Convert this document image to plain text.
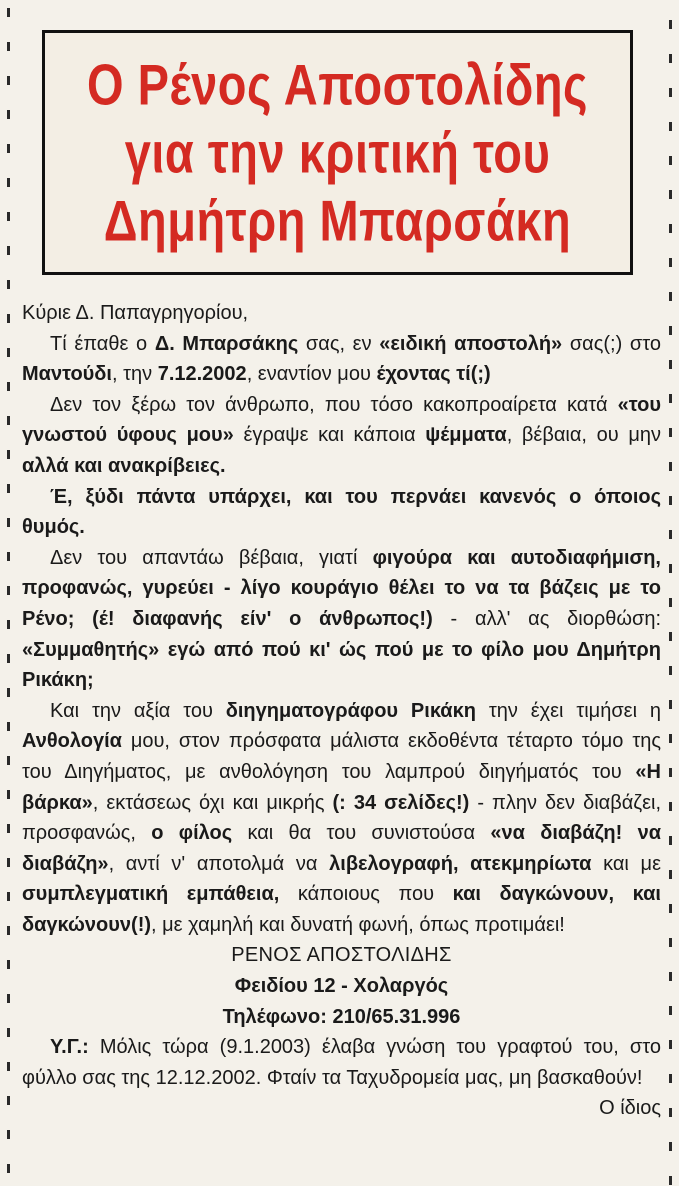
Ο Ρένος Αποστολίδης
για την κριτική του
Δημήτρη Μπαρσάκη

Κύριε Δ. Παπαγρηγορίου,

Τί έπαθε ο Δ. Μπαρσάκης σας, εν «ειδική αποστολή» σας(;) στο Μαντούδι, την 7.12.2002, εναντίον μου έχοντας τί(;)

Δεν τον ξέρω τον άνθρωπο, που τόσο κακοπροαίρετα κατά «του γνωστού ύφους μου» έγραψε και κάποια ψέμματα, βέβαια, ου μην αλλά και ανακρίβειες.

Έ, ξύδι πάντα υπάρχει, και του περνάει κανενός ο όποιος θυμός.

Δεν του απαντάω βέβαια, γιατί φιγούρα και αυτοδιαφήμιση, προφανώς, γυρεύει - λίγο κουράγιο θέλει το να τα βάζεις με το Ρένο; (έ! διαφανής είν' ο άνθρωπος!) - αλλ' ας διορθώση: «Συμμαθητής» εγώ από πού κι' ώς πού με το φίλο μου Δημήτρη Ρικάκη;

Και την αξία του διηγηματογράφου Ρικάκη την έχει τιμήσει η Ανθολογία μου, στον πρόσφατα μάλιστα εκδοθέντα τέταρτο τόμο της του Διηγήματος, με ανθολόγηση του λαμπρού διηγήματός του «Η βάρκα», εκτάσεως όχι και μικρής (: 34 σελίδες!) - πλην δεν διαβάζει, προσφανώς, ο φίλος και θα του συνιστούσα «να διαβάζη! να διαβάζη», αντί ν' αποτολμά να λιβελογραφή, ατεκμηρίωτα και με συμπλεγματική εμπάθεια, κάποιους που και δαγκώνουν, και δαγκώνουν(!), με χαμηλή και δυνατή φωνή, όπως προτιμάει!

ΡΕΝΟΣ ΑΠΟΣΤΟΛΙΔΗΣ
Φειδίου 12 - Χολαργός
Τηλέφωνο: 210/65.31.996

Υ.Γ.: Μόλις τώρα (9.1.2003) έλαβα γνώση του γραφτού του, στο φύλλο σας της 12.12.2002. Φταίν τα Ταχυδρομεία μας, μη βασκαθούν!
Ο ίδιος
